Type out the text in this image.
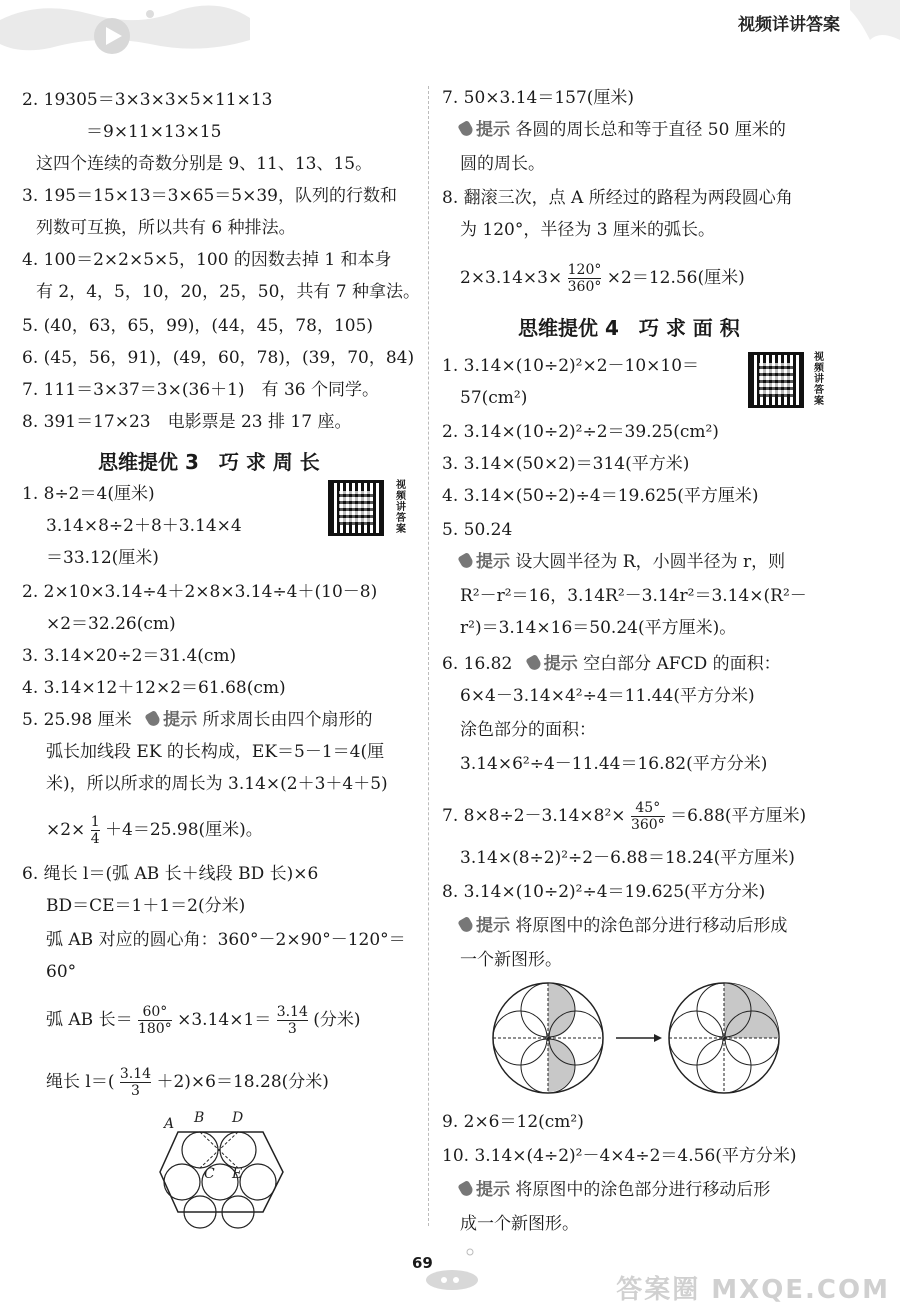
视频详讲答案
2. 19305＝3×3×3×5×11×13
＝9×11×13×15
这四个连续的奇数分别是 9、11、13、15。
3. 195＝15×13＝3×65＝5×39，队列的行数和
列数可互换，所以共有 6 种排法。
4. 100＝2×2×5×5，100 的因数去掉 1 和本身
有 2，4，5，10，20，25，50，共有 7 种拿法。
5. (40，63，65，99)，(44，45，78，105)
6. (45，56，91)，(49，60，78)，(39，70，84)
7. 111＝3×37＝3×(36＋1)　有 36 个同学。
8. 391＝17×23　电影票是 23 排 17 座。
思维提优 3　巧 求 周 长
视频讲答案
1. 8÷2＝4(厘米)
3.14×8÷2＋8＋3.14×4
＝33.12(厘米)
2. 2×10×3.14÷4＋2×8×3.14÷4＋(10－8)
×2＝32.26(cm)
3. 3.14×20÷2＝31.4(cm)
4. 3.14×12＋12×2＝61.68(cm)
5. 25.98 厘米 提示 所求周长由四个扇形的
弧长加线段 EK 的长构成，EK＝5－1＝4(厘
米)，所以所求的周长为 3.14×(2＋3＋4＋5)
$\times 2\times \frac{1}{4} +4=25.98$(厘米)。
6. 绳长 l＝(弧 AB 长＋线段 BD 长)×6
BD＝CE＝1＋1＝2(分米)
弧 AB 对应的圆心角：360°－2×90°－120°＝
60°
弧 AB 长＝ $\frac{60^\circ}{180^\circ} \times 3.14\times 1= \frac{3.14}{3}$ (分米)
绳长 $l=( \frac{3.14}{3} +2)\times 6=18.28$(分米)
A B D
C E
7. 50×3.14＝157(厘米)
提示 各圆的周长总和等于直径 50 厘米的
圆的周长。
8. 翻滚三次，点 A 所经过的路程为两段圆心角
为 120°，半径为 3 厘米的弧长。
$2\times 3.14\times 3\times \frac{120^\circ}{360^\circ} \times 2=12.56$(厘米)
思维提优 4　巧 求 面 积
视频讲答案
1. 3.14×(10÷2)²×2－10×10＝
57(cm²)
2. 3.14×(10÷2)²÷2＝39.25(cm²)
3. 3.14×(50×2)＝314(平方米)
4. 3.14×(50÷2)÷4＝19.625(平方厘米)
5. 50.24
提示 设大圆半径为 R，小圆半径为 r，则
R²－r²＝16，3.14R²－3.14r²＝3.14×(R²－
r²)＝3.14×16＝50.24(平方厘米)。
6. 16.82 提示 空白部分 AFCD 的面积：
6×4－3.14×4²÷4＝11.44(平方分米)
涂色部分的面积：
3.14×6²÷4－11.44＝16.82(平方分米)
7. $8\times 8\div 2-3.14\times 8^2\times \frac{45^\circ}{360^\circ} =6.88$(平方厘米)
3.14×(8÷2)²÷2－6.88＝18.24(平方厘米)
8. 3.14×(10÷2)²÷4＝19.625(平方分米)
提示 将原图中的涂色部分进行移动后形成
一个新图形。
9. 2×6＝12(cm²)
10. 3.14×(4÷2)²－4×4÷2＝4.56(平方分米)
提示 将原图中的涂色部分进行移动后形
成一个新图形。
69
答案圈 MXQE.COM
